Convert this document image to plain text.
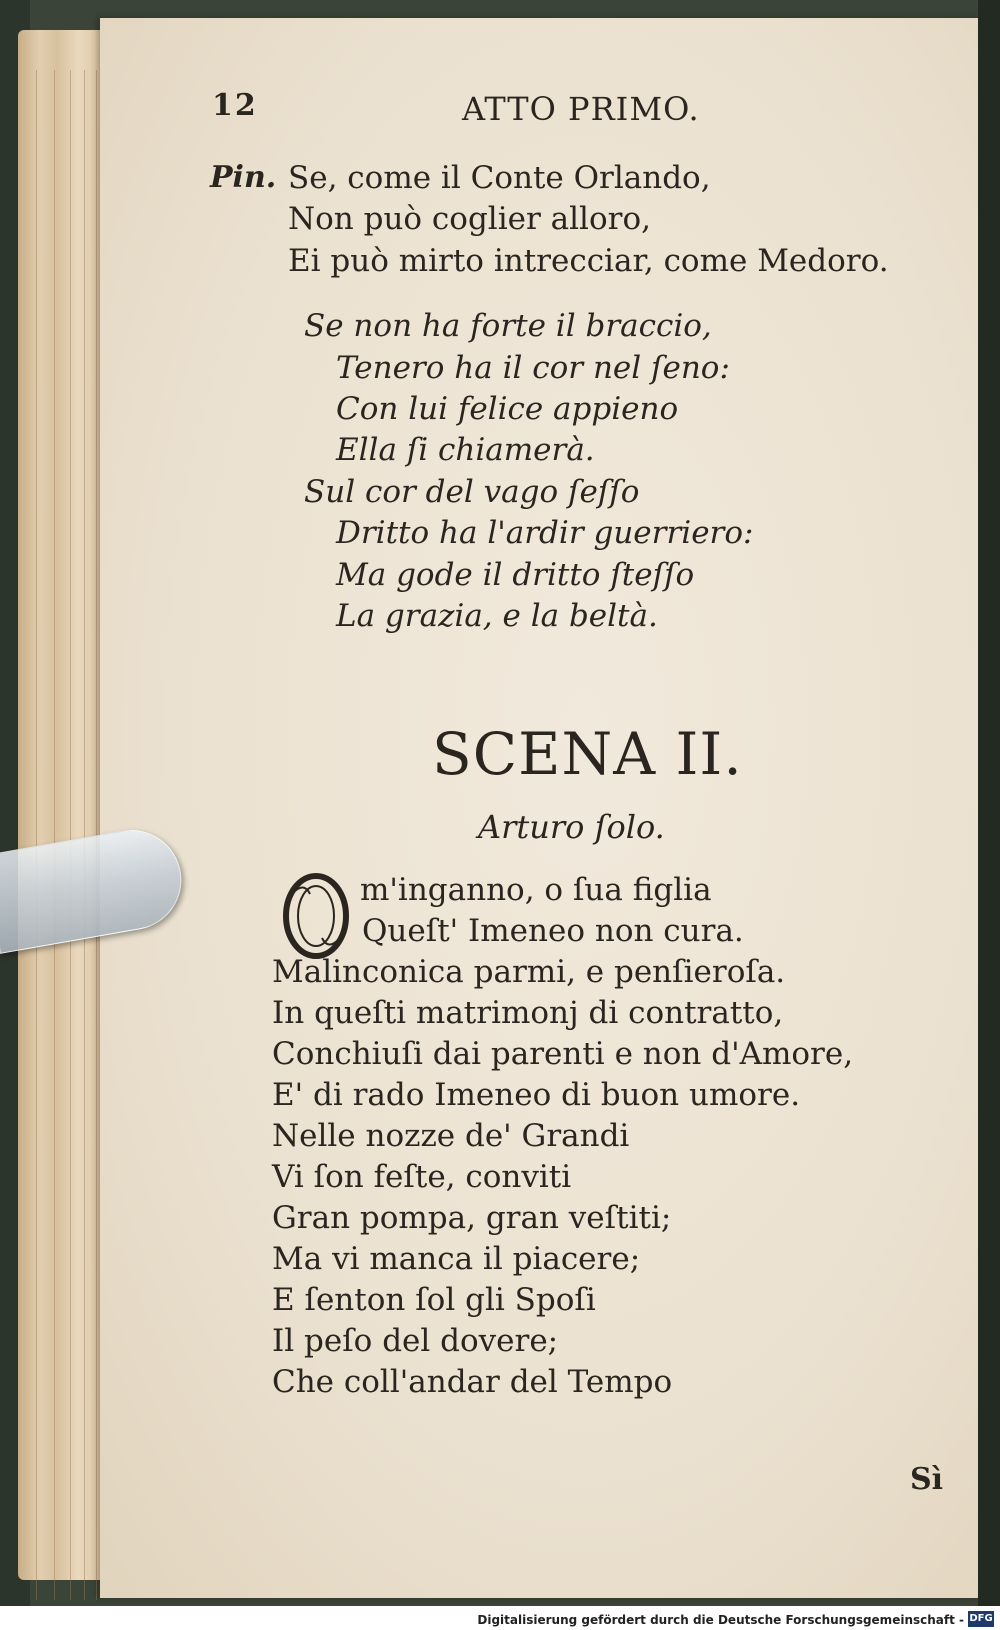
12	ATTO PRIMO.
Pin. Se, come il Conte Orlando,
Non può coglier alloro,
Ei può mirto intrecciar, come Medoro.
Se non ha forte il braccio,
Tenero ha il cor nel ſeno:
Con lui felice appieno
Ella ſi chiamerà.
Sul cor del vago ſeſſo
Dritto ha l'ardir guerriero:
Ma gode il dritto ſteſſo
La grazia, e la beltà.
SCENA II.
Arturo ſolo.
m'inganno, o ſua figlia
Queſt' Imeneo non cura.
Malinconica parmi, e penſieroſa.
In queſti matrimonj di contratto,
Conchiuſi dai parenti e non d'Amore,
E' di rado Imeneo di buon umore.
Nelle nozze de' Grandi
Vi ſon feſte, conviti
Gran pompa, gran veſtiti;
Ma vi manca il piacere;
E ſenton ſol gli Spoſi
Il peſo del dovere;
Che coll'andar del Tempo
Sì
Digitalisierung gefördert durch die Deutsche Forschungsgemeinschaft - DFG
